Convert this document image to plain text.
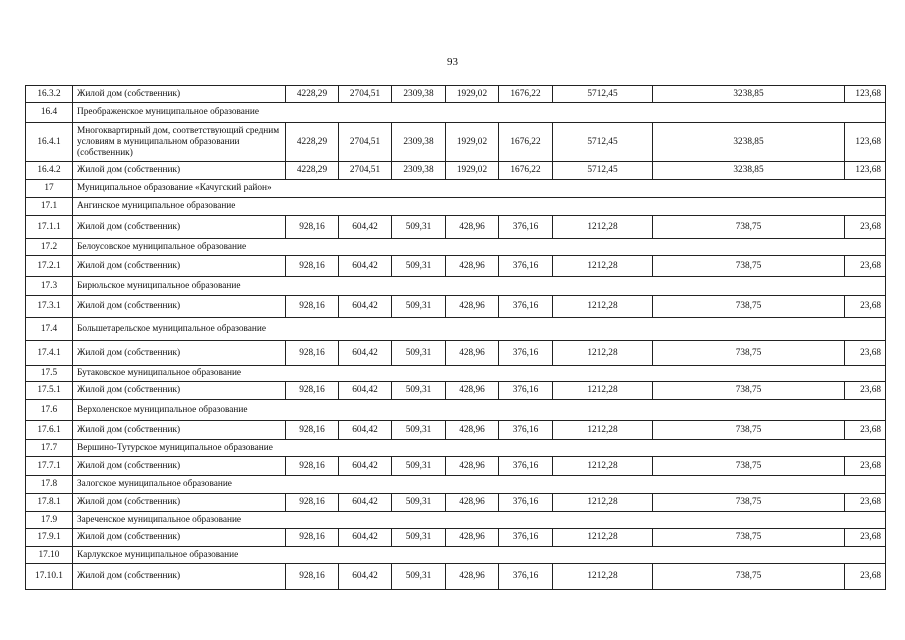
93
16.3.2	Жилой дом (собственник)	4228,29	2704,51	2309,38	1929,02	1676,22	5712,45	3238,85	123,68
16.4	Преображенское муниципальное образование								
16.4.1	Многоквартирный дом, соответствующий средним условиям в муниципальном образовании (собственник)	4228,29	2704,51	2309,38	1929,02	1676,22	5712,45	3238,85	123,68
16.4.2	Жилой дом (собственник)	4228,29	2704,51	2309,38	1929,02	1676,22	5712,45	3238,85	123,68
17	Муниципальное образование «Качугский район»								
17.1	Ангинское муниципальное образование								
17.1.1	Жилой дом (собственник)	928,16	604,42	509,31	428,96	376,16	1212,28	738,75	23,68
17.2	Белоусовское муниципальное образование								
17.2.1	Жилой дом (собственник)	928,16	604,42	509,31	428,96	376,16	1212,28	738,75	23,68
17.3	Бирюльское муниципальное образование								
17.3.1	Жилой дом (собственник)	928,16	604,42	509,31	428,96	376,16	1212,28	738,75	23,68
17.4	Большетарельское муниципальное образование								
17.4.1	Жилой дом (собственник)	928,16	604,42	509,31	428,96	376,16	1212,28	738,75	23,68
17.5	Бутаковское муниципальное образование								
17.5.1	Жилой дом (собственник)	928,16	604,42	509,31	428,96	376,16	1212,28	738,75	23,68
17.6	Верхоленское муниципальное образование								
17.6.1	Жилой дом (собственник)	928,16	604,42	509,31	428,96	376,16	1212,28	738,75	23,68
17.7	Вершино-Тутурское муниципальное образование								
17.7.1	Жилой дом (собственник)	928,16	604,42	509,31	428,96	376,16	1212,28	738,75	23,68
17.8	Залогское муниципальное образование								
17.8.1	Жилой дом (собственник)	928,16	604,42	509,31	428,96	376,16	1212,28	738,75	23,68
17.9	Зареченское муниципальное образование								
17.9.1	Жилой дом (собственник)	928,16	604,42	509,31	428,96	376,16	1212,28	738,75	23,68
17.10	Карлукское муниципальное образование								
17.10.1	Жилой дом (собственник)	928,16	604,42	509,31	428,96	376,16	1212,28	738,75	23,68
